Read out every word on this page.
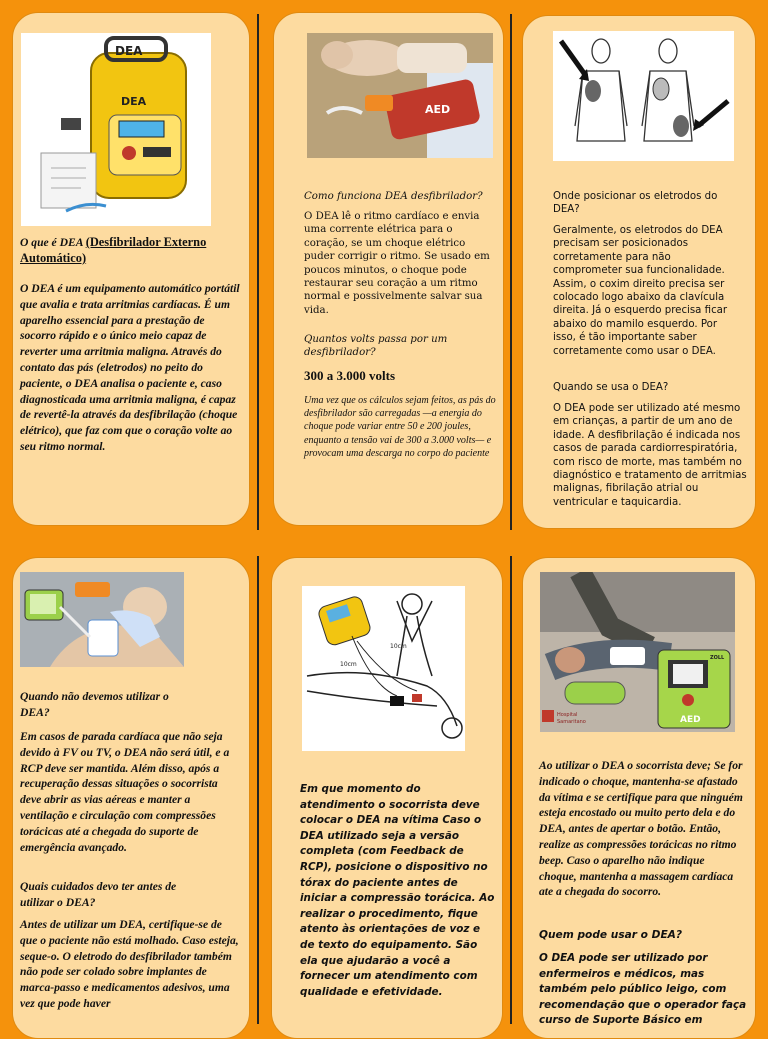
DEA
DEA
O que é DEA (Desfibrilador Externo Automático)
O DEA é um equipamento automático portátil que avalia e trata arritmias cardíacas. É um aparelho essencial para a prestação de socorro rápido e o único meio capaz de reverter uma arritmia maligna. Através do contato das pás (eletrodos) no peito do paciente, o DEA analisa o paciente e, caso diagnosticada uma arritmia maligna, é capaz de revertê-la através da desfibrilação (choque elétrico), que faz com que o coração volte ao seu ritmo normal.
AED
Como funciona DEA desfibrilador?
O DEA lê o ritmo cardíaco e envia uma corrente elétrica para o coração, se um choque elétrico puder corrigir o ritmo. Se usado em poucos minutos, o choque pode restaurar seu coração a um ritmo normal e possivelmente salvar sua vida.
Quantos volts passa por um desfibrilador?
300 a 3.000 volts
Uma vez que os cálculos sejam feitos, as pás do desfibrilador são carregadas —a energia do choque pode variar entre 50 e 200 joules, enquanto a tensão vai de 300 a 3.000 volts— e provocam uma descarga no corpo do paciente
Onde posicionar os eletrodos do DEA?
Geralmente, os eletrodos do DEA precisam ser posicionados corretamente para não comprometer sua funcionalidade. Assim, o coxim direito precisa ser colocado logo abaixo da clavícula direita. Já o esquerdo precisa ficar abaixo do mamilo esquerdo. Por isso, é tão importante saber corretamente como usar o DEA.
Quando se usa o DEA?
O DEA pode ser utilizado até mesmo em crianças, a partir de um ano de idade. A desfibrilação é indicada nos casos de parada cardiorrespiratória, com risco de morte, mas também no diagnóstico e tratamento de arritmias malignas, fibrilação atrial ou ventricular e taquicardia.
Quando não devemos utilizar o DEA?
Em casos de parada cardíaca que não seja devido à FV ou TV, o DEA não será útil, e a RCP deve ser mantida. Além disso, após a recuperação dessas situações o socorrista deve abrir as vias aéreas e manter a ventilação e circulação com compressões torácicas até a chegada do suporte de emergência avançado.
Quais cuidados devo ter antes de utilizar o DEA?
Antes de utilizar um DEA, certifique-se de que o paciente não está molhado. Caso esteja, seque-o. O eletrodo do desfibrilador também não pode ser colado sobre implantes de marca-passo e medicamentos adesivos, uma vez que pode haver
10cm
10cm
Em que momento do atendimento o socorrista deve colocar o DEA na vítima Caso o DEA utilizado seja a versão completa (com Feedback de RCP), posicione o dispositivo no tórax do paciente antes de iniciar a compressão torácica. Ao realizar o procedimento, fique atento às orientações de voz e de texto do equipamento. São ela que ajudarão a você a fornecer um atendimento com qualidade e efetividade.
AED
ZOLL
Hospital
Samaritano
Ao utilizar o DEA o socorrista deve; Se for indicado o choque, mantenha-se afastado da vítima e se certifique para que ninguém esteja encostado ou muito perto dela e do DEA, antes de apertar o botão. Então, realize as compressões torácicas no ritmo beep. Caso o aparelho não indique choque, mantenha a massagem cardíaca ate a chegada do socorro.
Quem pode usar o DEA?
O DEA pode ser utilizado por enfermeiros e médicos, mas também pelo público leigo, com recomendação que o operador faça curso de Suporte Básico em
